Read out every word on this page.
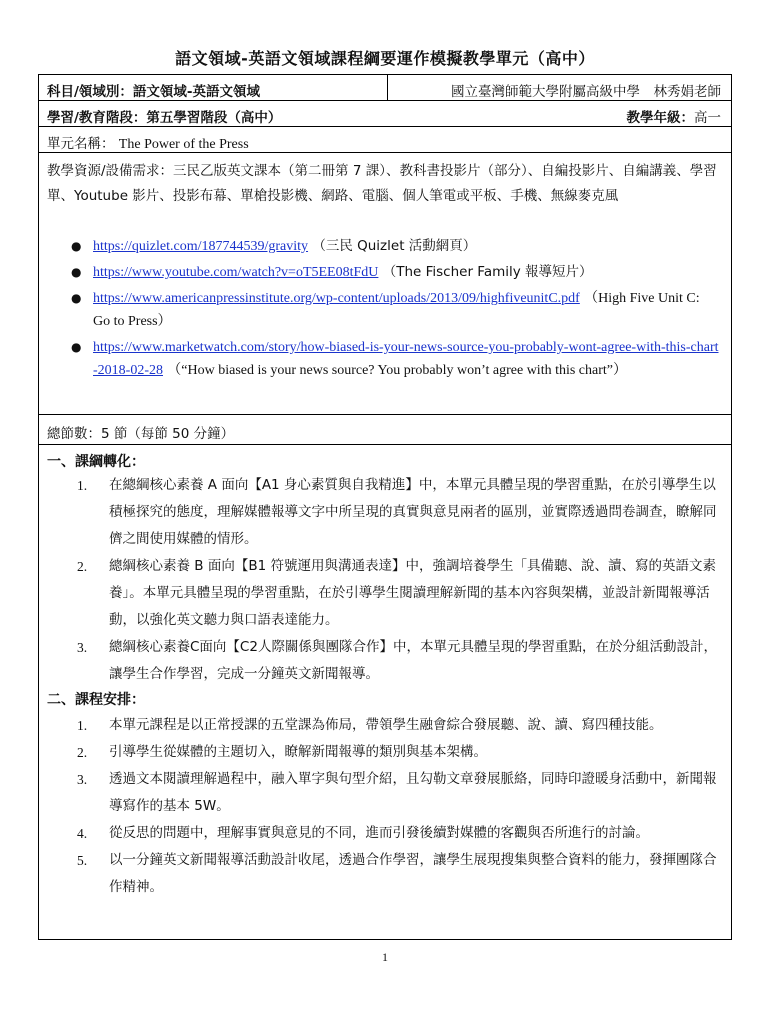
語文領域-英語文領域課程綱要運作模擬教學單元（高中）
科目/領域別：語文領域-英語文領域	國立臺灣師範大學附屬高級中學　林秀娟老師
學習/教育階段：第五學習階段（高中）	教學年級：高一
單元名稱： The Power of the Press
教學資源/設備需求：三民乙版英文課本（第二冊第 7 課）、教科書投影片（部分）、自編投影片、自編講義、學習單、Youtube 影片、投影布幕、單槍投影機、網路、電腦、個人筆電或平板、手機、無線麥克風
● https://quizlet.com/187744539/gravity （三民 Quizlet 活動網頁）
● https://www.youtube.com/watch?v=oT5EE08tFdU （The Fischer Family 報導短片）
● https://www.americanpressinstitute.org/wp-content/uploads/2013/09/highfiveunitC.pdf （High Five Unit C: Go to Press）
● https://www.marketwatch.com/story/how-biased-is-your-news-source-you-probably-wont-agree-with-this-chart-2018-02-28 （“How biased is your news source? You probably won’t agree with this chart”）
總節數：5 節（每節 50 分鐘）
一、課綱轉化：
1. 在總綱核心素養 A 面向【A1 身心素質與自我精進】中，本單元具體呈現的學習重點，在於引導學生以積極探究的態度，理解媒體報導文字中所呈現的真實與意見兩者的區別，並實際透過問卷調查，瞭解同儕之間使用媒體的情形。
2. 總綱核心素養 B 面向【B1 符號運用與溝通表達】中，強調培養學生「具備聽、說、讀、寫的英語文素養」。本單元具體呈現的學習重點，在於引導學生閱讀理解新聞的基本內容與架構，並設計新聞報導活動，以強化英文聽力與口語表達能力。
3. 總綱核心素養C面向【C2人際關係與團隊合作】中，本單元具體呈現的學習重點，在於分組活動設計，讓學生合作學習，完成一分鐘英文新聞報導。
二、課程安排：
1. 本單元課程是以正常授課的五堂課為佈局，帶領學生融會綜合發展聽、說、讀、寫四種技能。
2. 引導學生從媒體的主題切入，瞭解新聞報導的類別與基本架構。
3. 透過文本閱讀理解過程中，融入單字與句型介紹，且勾勒文章發展脈絡，同時印證暖身活動中，新聞報導寫作的基本 5W。
4. 從反思的問題中，理解事實與意見的不同，進而引發後續對媒體的客觀與否所進行的討論。
5. 以一分鐘英文新聞報導活動設計收尾，透過合作學習，讓學生展現搜集與整合資料的能力，發揮團隊合作精神。
1
